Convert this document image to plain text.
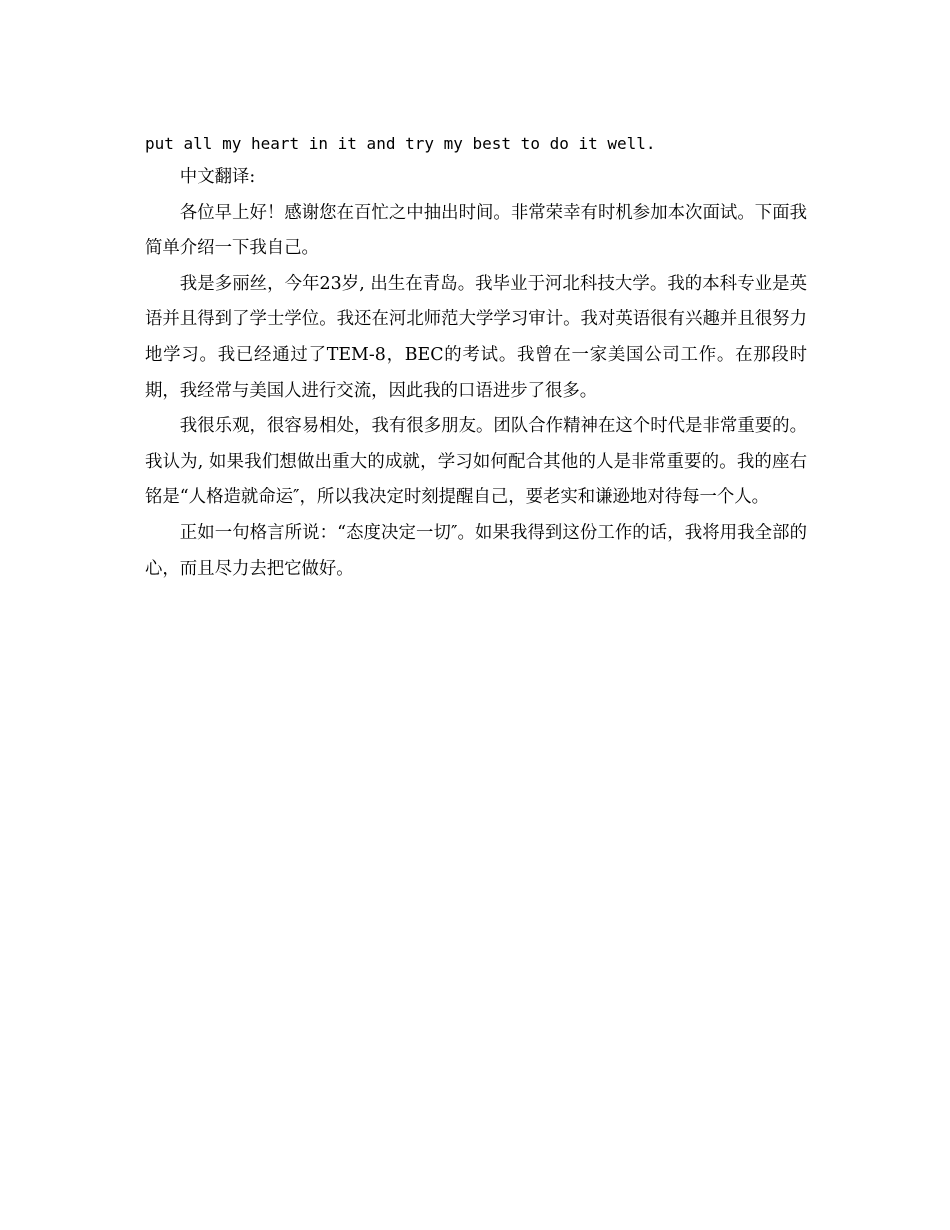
put all my heart in it and try my best to do it well.

中文翻译:

各位早上好！感谢您在百忙之中抽出时间。非常荣幸有时机参加本次面试。下面我简单介绍一下我自己。

我是多丽丝，今年23岁, 出生在青岛。我毕业于河北科技大学。我的本科专业是英语并且得到了学士学位。我还在河北师范大学学习审计。我对英语很有兴趣并且很努力地学习。我已经通过了TEM-8，BEC的考试。我曾在一家美国公司工作。在那段时期，我经常与美国人进行交流，因此我的口语进步了很多。

我很乐观，很容易相处，我有很多朋友。团队合作精神在这个时代是非常重要的。我认为, 如果我们想做出重大的成就，学习如何配合其他的人是非常重要的。我的座右铭是“人格造就命运″，所以我决定时刻提醒自己，要老实和谦逊地对待每一个人。

正如一句格言所说：“态度决定一切″。如果我得到这份工作的话，我将用我全部的心，而且尽力去把它做好。
